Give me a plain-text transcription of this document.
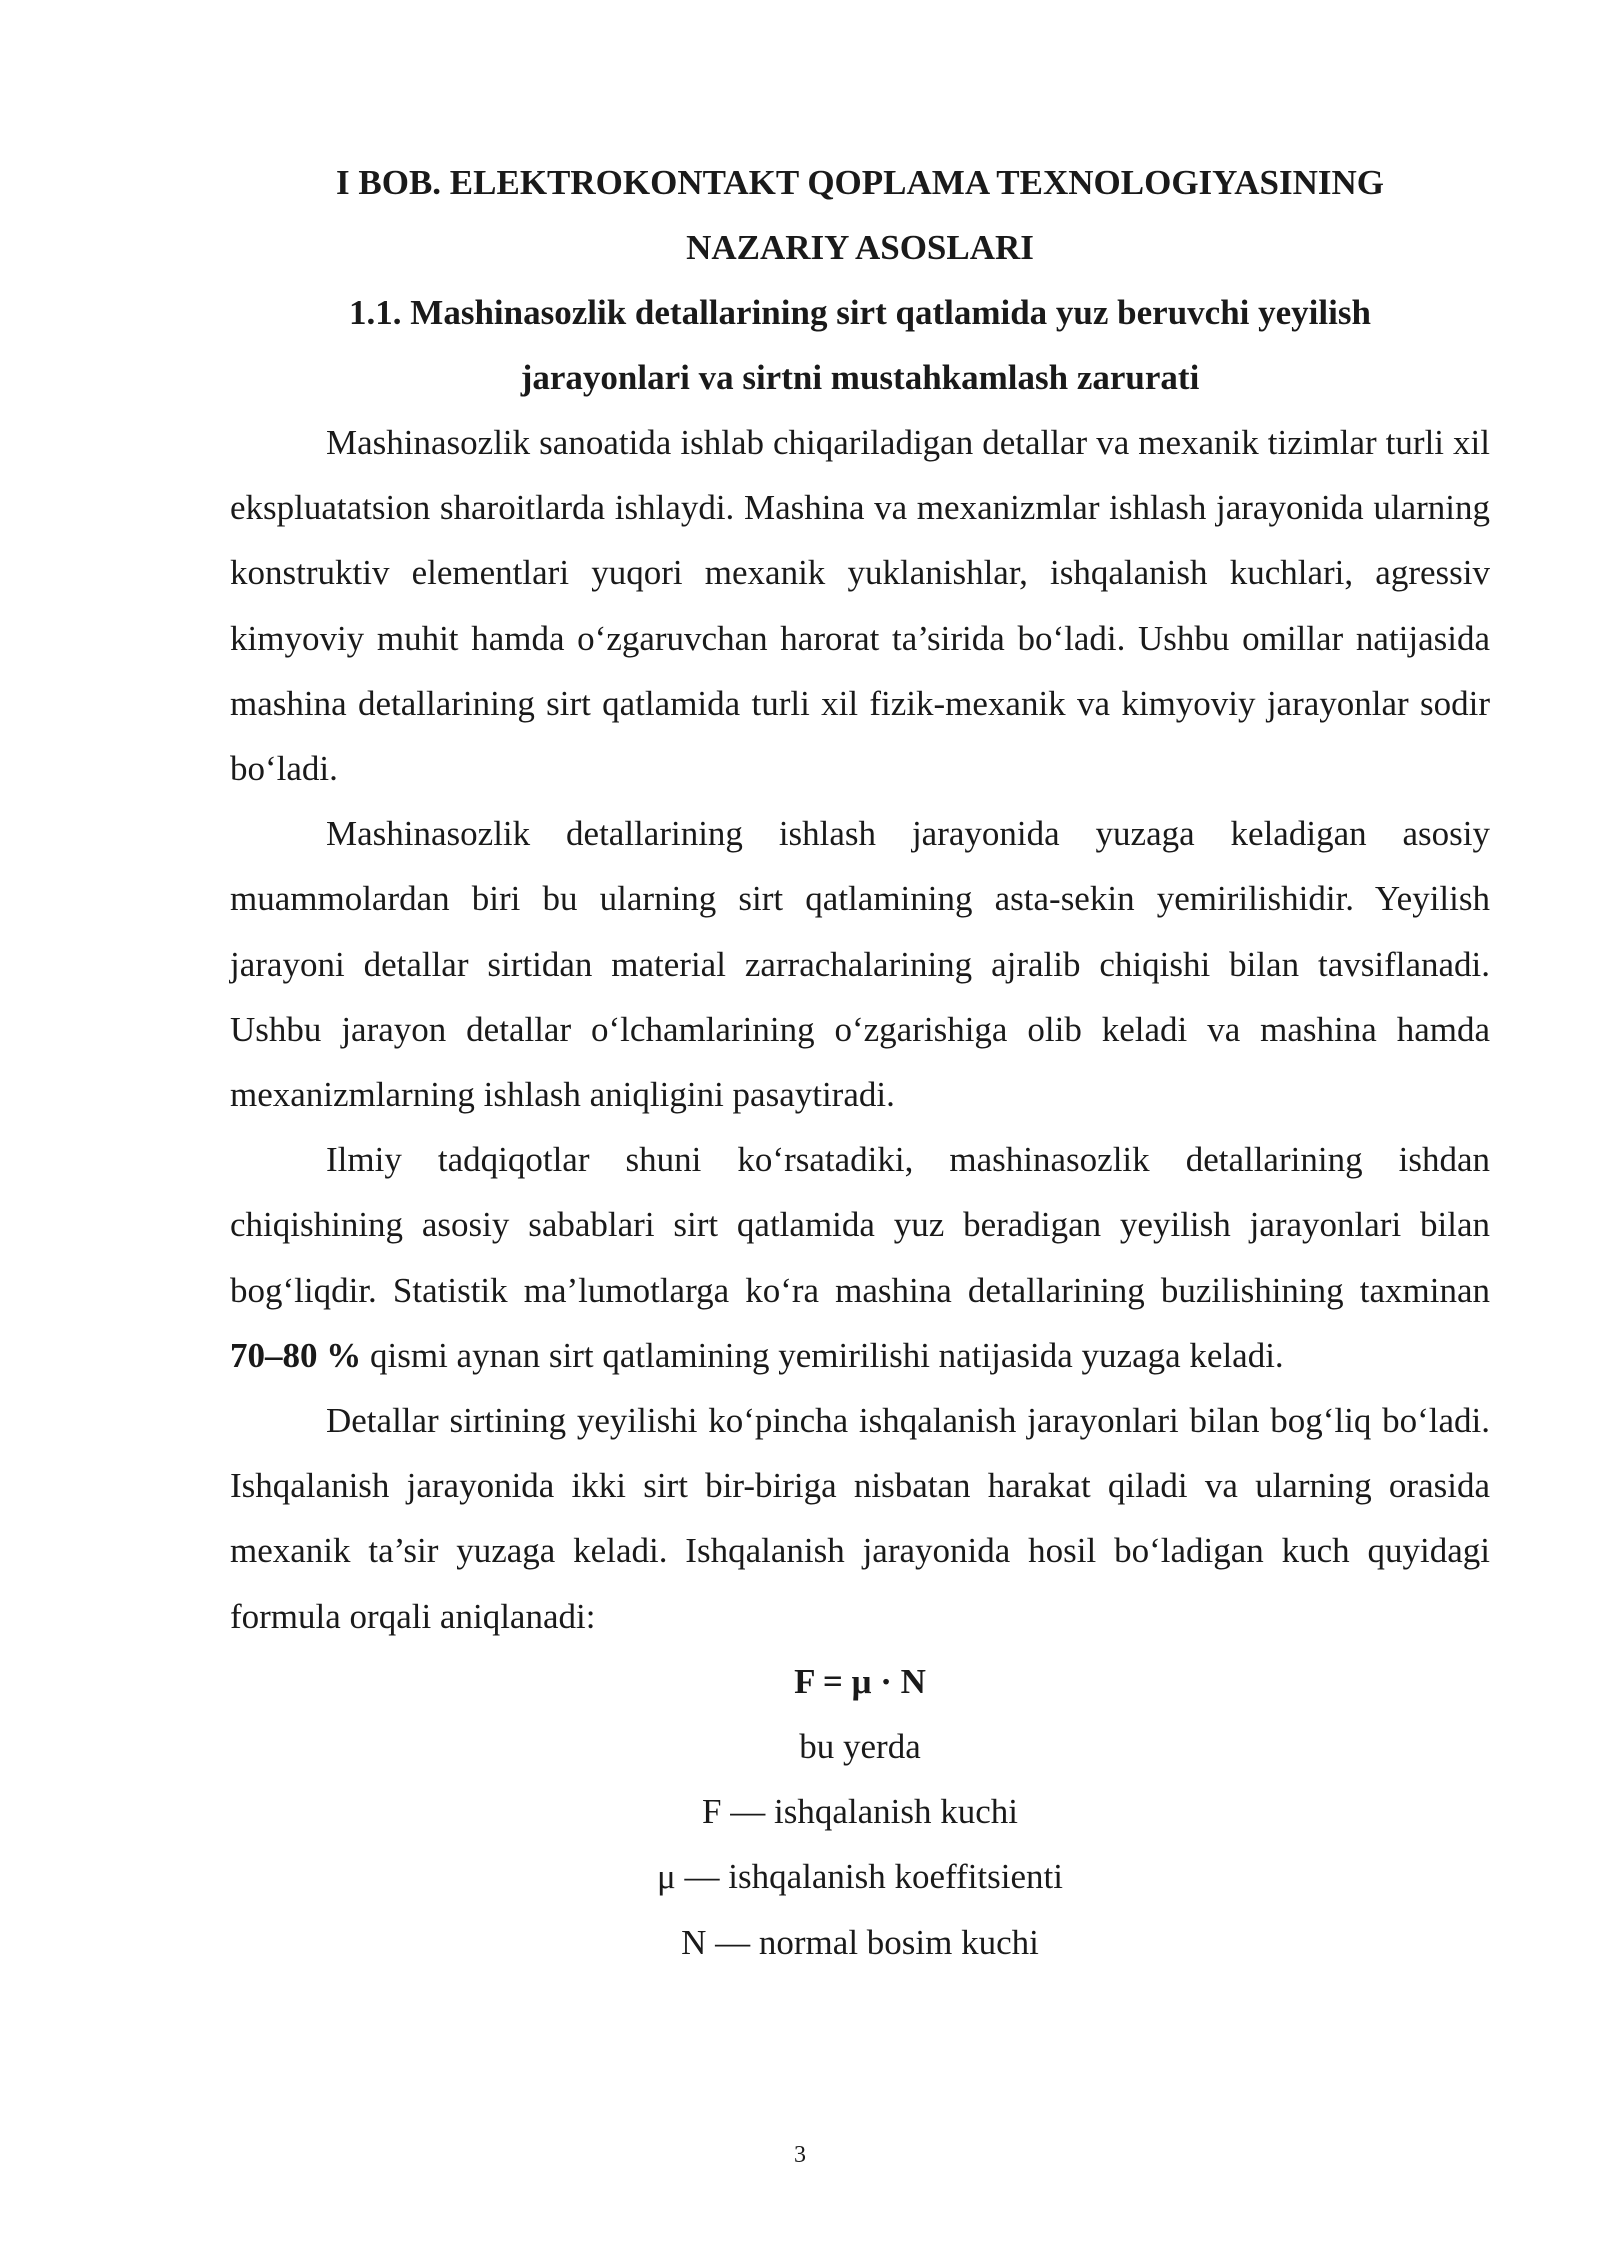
I BOB. ELEKTROKONTAKT QOPLAMA TEXNOLOGIYASINING

NAZARIY ASOSLARI

1.1. Mashinasozlik detallarining sirt qatlamida yuz beruvchi yeyilish

jarayonlari va sirtni mustahkamlash zarurati

Mashinasozlik sanoatida ishlab chiqariladigan detallar va mexanik tizimlar turli xil ekspluatatsion sharoitlarda ishlaydi. Mashina va mexanizmlar ishlash jarayonida ularning konstruktiv elementlari yuqori mexanik yuklanishlar, ishqalanish kuchlari, agressiv kimyoviy muhit hamda o‘zgaruvchan harorat ta’sirida bo‘ladi. Ushbu omillar natijasida mashina detallarining sirt qatlamida turli xil fizik-mexanik va kimyoviy jarayonlar sodir bo‘ladi.

Mashinasozlik detallarining ishlash jarayonida yuzaga keladigan asosiy muammolardan biri bu ularning sirt qatlamining asta-sekin yemirilishidir. Yeyilish jarayoni detallar sirtidan material zarrachalarining ajralib chiqishi bilan tavsiflanadi. Ushbu jarayon detallar o‘lchamlarining o‘zgarishiga olib keladi va mashina hamda mexanizmlarning ishlash aniqligini pasaytiradi.

Ilmiy tadqiqotlar shuni ko‘rsatadiki, mashinasozlik detallarining ishdan chiqishining asosiy sabablari sirt qatlamida yuz beradigan yeyilish jarayonlari bilan bog‘liqdir. Statistik ma’lumotlarga ko‘ra mashina detallarining buzilishining taxminan 70–80 % qismi aynan sirt qatlamining yemirilishi natijasida yuzaga keladi.

Detallar sirtining yeyilishi ko‘pincha ishqalanish jarayonlari bilan bog‘liq bo‘ladi. Ishqalanish jarayonida ikki sirt bir-biriga nisbatan harakat qiladi va ularning orasida mexanik ta’sir yuzaga keladi. Ishqalanish jarayonida hosil bo‘ladigan kuch quyidagi formula orqali aniqlanadi:

F = μ · N

bu yerda

F — ishqalanish kuchi

μ — ishqalanish koeffitsienti

N — normal bosim kuchi

3
